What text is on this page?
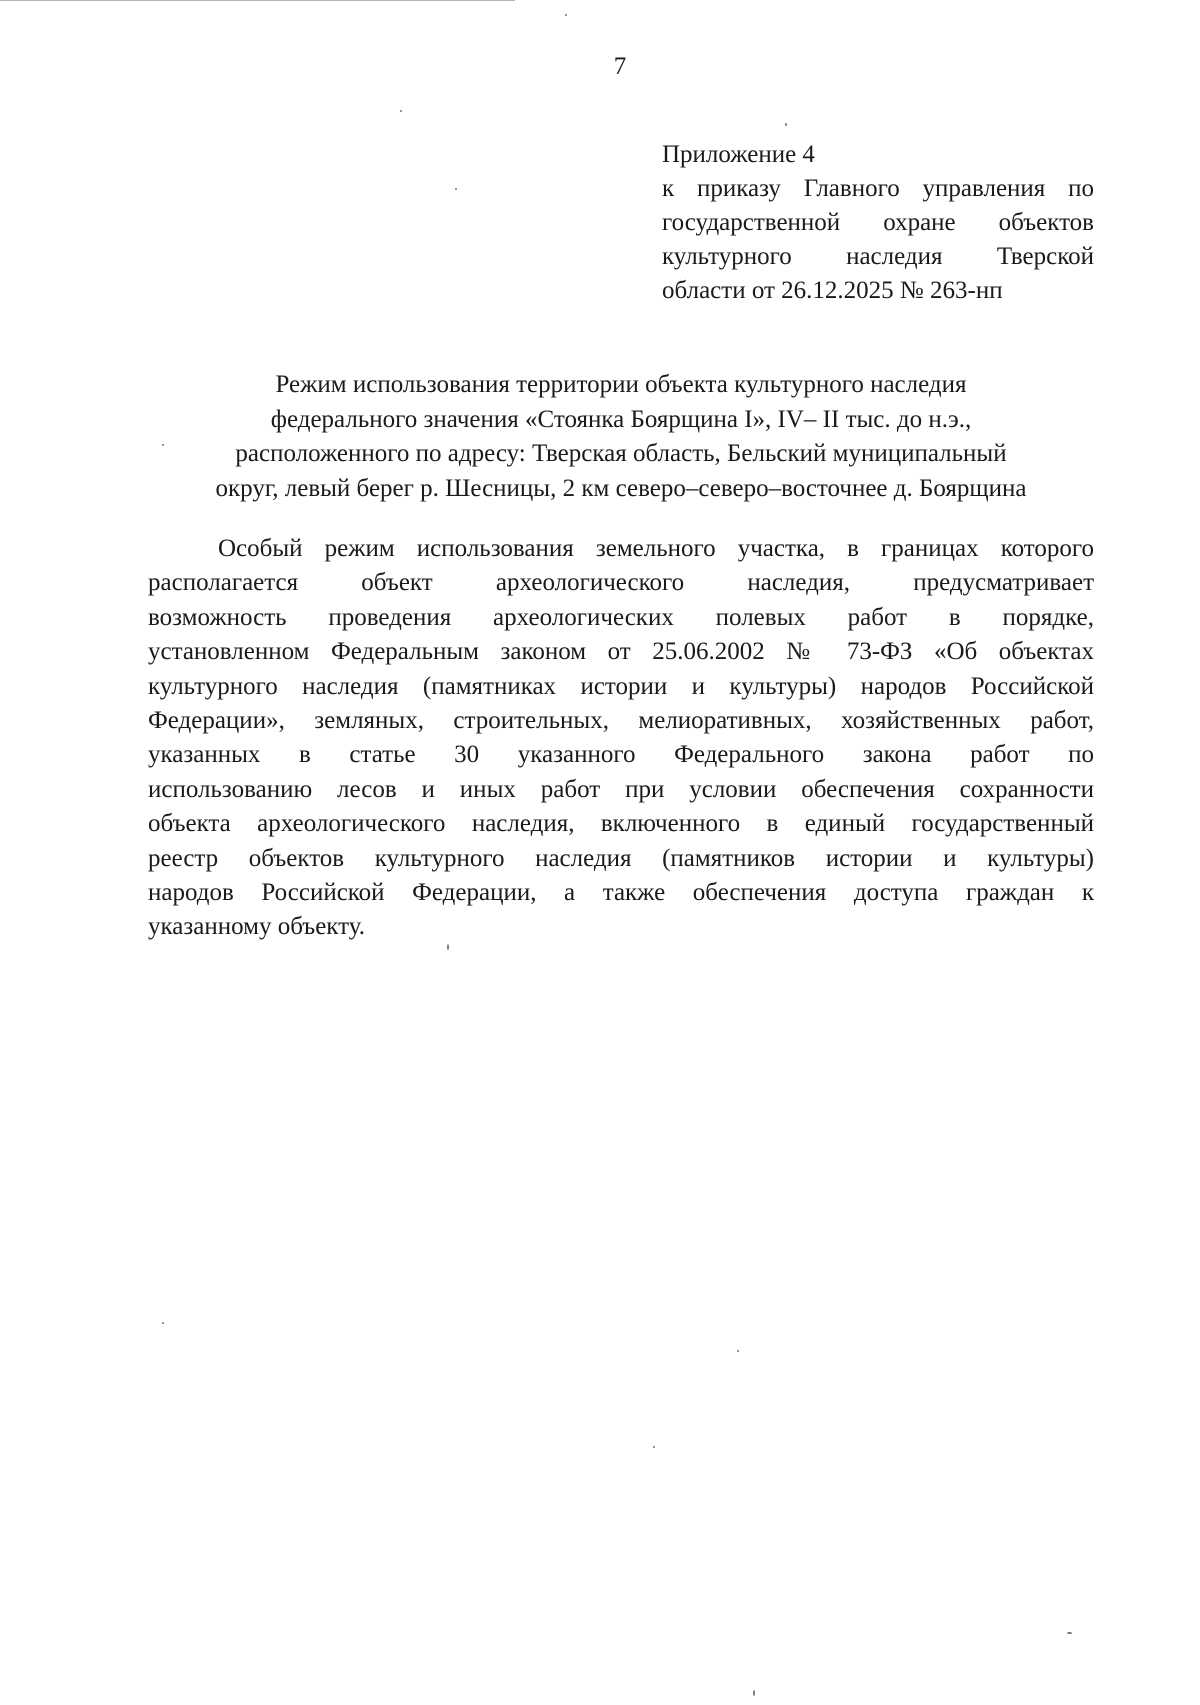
7
Приложение 4
к приказу Главного управления по
государственной охране объектов
культурного наследия Тверской
области от 26.12.2025 № 263-нп
Режим использования территории объекта культурного наследия
федерального значения «Стоянка Боярщина I», IV– II тыс. до н.э.,
расположенного по адресу: Тверская область, Бельский муниципальный
округ, левый берег р. Шесницы, 2 км северо–северо–восточнее д. Боярщина
Особый режим использования земельного участка, в границах которого
располагается объект археологического наследия, предусматривает
возможность проведения археологических полевых работ в порядке,
установленном Федеральным законом от 25.06.2002 № 73-ФЗ «Об объектах
культурного наследия (памятниках истории и культуры) народов Российской
Федерации», земляных, строительных, мелиоративных, хозяйственных работ,
указанных в статье 30 указанного Федерального закона работ по
использованию лесов и иных работ при условии обеспечения сохранности
объекта археологического наследия, включенного в единый государственный
реестр объектов культурного наследия (памятников истории и культуры)
народов Российской Федерации, а также обеспечения доступа граждан к
указанному объекту.
